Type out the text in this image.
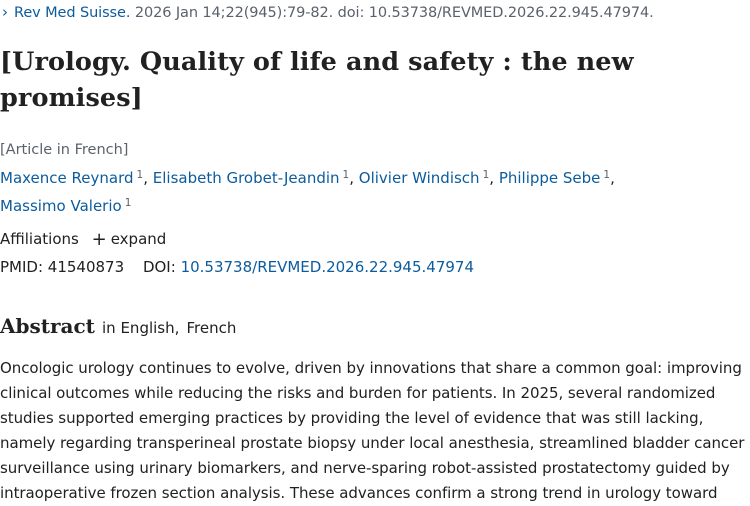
› Rev Med Suisse. 2026 Jan 14;22(945):79-82. doi: 10.53738/REVMED.2026.22.945.47974.
[Urology. Quality of life and safety : the new promises]
[Article in French]
Maxence Reynard $^1$, Elisabeth Grobet-Jeandin $^1$, Olivier Windisch $^1$, Philippe Sebe $^1$,
Massimo Valerio $^1$
Affiliations + expand
PMID: 41540873 DOI: 10.53738/REVMED.2026.22.945.47974
Abstract in English, French

Oncologic urology continues to evolve, driven by innovations that share a common goal: improving clinical outcomes while reducing the risks and burden for patients. In 2025, several randomized studies supported emerging practices by providing the level of evidence that was still lacking, namely regarding transperineal prostate biopsy under local anesthesia, streamlined bladder cancer surveillance using urinary biomarkers, and nerve-sparing robot-assisted prostatectomy guided by intraoperative frozen section analysis. These advances confirm a strong trend in urology toward
